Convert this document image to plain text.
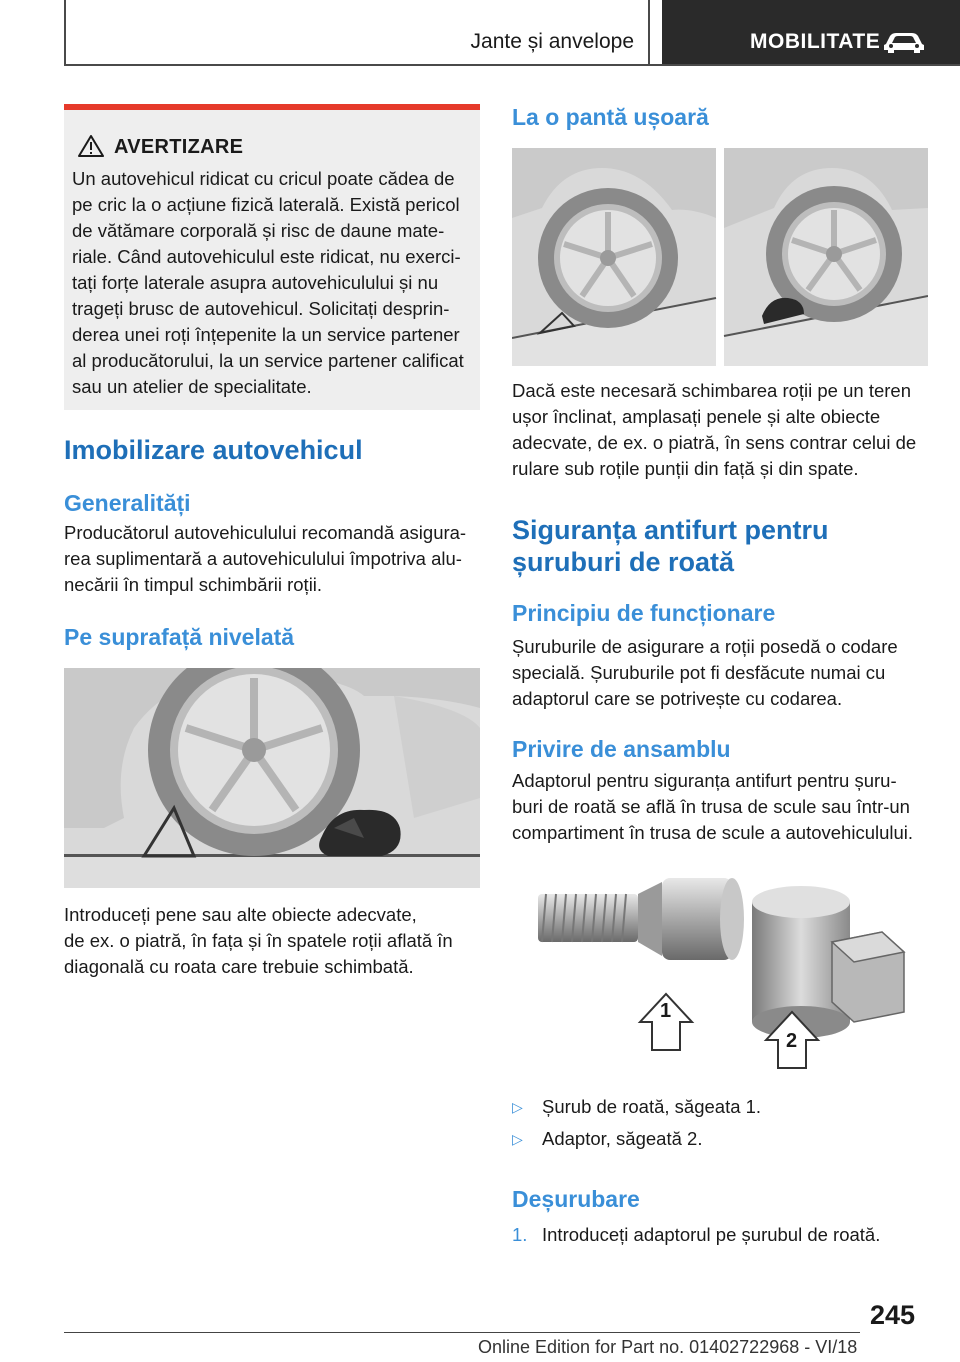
Jante și anvelope	MOBILITATE
AVERTIZARE
Un autovehicul ridicat cu cricul poate cădea de
pe cric la o acțiune fizică laterală. Există pericol
de vătămare corporală și risc de daune mate-
riale. Când autovehiculul este ridicat, nu exerci-
tați forțe laterale asupra autovehiculului și nu
trageți brusc de autovehicul. Solicitați desprin-
derea unei roți înțepenite la un service partener
al producătorului, la un service partener calificat
sau un atelier de specialitate.
Imobilizare autovehicul
Generalități

Producătorul autovehiculului recomandă asigura-
rea suplimentară a autovehiculului împotriva alu-
necării în timpul schimbării roții.

Pe suprafață nivelată

Introduceți pene sau alte obiecte adecvate,
de ex. o piatră, în fața și în spatele roții aflată în
diagonală cu roata care trebuie schimbată.

La o pantă ușoară

Dacă este necesară schimbarea roții pe un teren
ușor înclinat, amplasați penele și alte obiecte
adecvate, de ex. o piatră, în sens contrar celui de
rulare sub roțile punții din față și din spate.

Siguranța antifurt pentru
șuruburi de roată
Principiu de funcționare

Șuruburile de asigurare a roții posedă o codare
specială. Șuruburile pot fi desfăcute numai cu
adaptorul care se potrivește cu codarea.

Privire de ansamblu

Adaptorul pentru siguranța antifurt pentru șuru-
buri de roată se află în trusa de scule sau într-un
compartiment în trusa de scule a autovehiculului.

1
2
▷ Șurub de roată, săgeata 1.
▷ Adaptor, săgeată 2.
Deșurubare
1. Introduceți adaptorul pe șurubul de roată.
245
Online Edition for Part no. 01402722968 - VI/18
